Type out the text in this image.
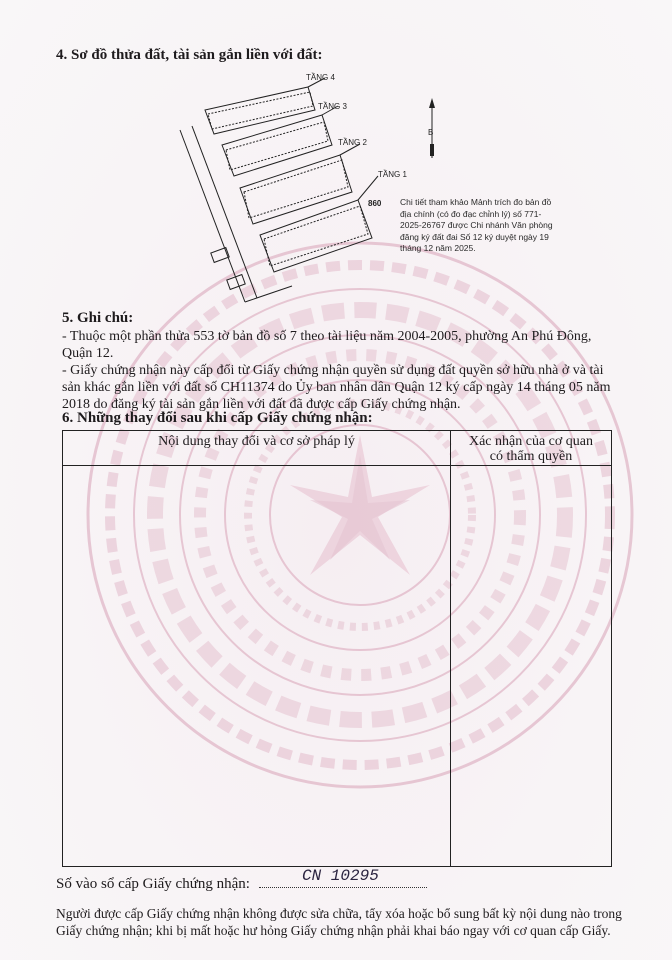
4. Sơ đồ thửa đất, tài sản gắn liền với đất:
TẦNG 4
TẦNG 3
TẦNG 2
TẦNG 1
860
B
Chi tiết tham khảo Mảnh trích đo bản đồ địa chính (có đo đạc chỉnh lý) số 771-2025-26767 được Chi nhánh Văn phòng đăng ký đất đai Số 12 ký duyệt ngày 19 tháng 12 năm 2025.
5. Ghi chú:
- Thuộc một phần thửa 553 tờ bản đồ số 7 theo tài liệu năm 2004-2005, phường An Phú Đông,
Quận 12.
- Giấy chứng nhận này cấp đổi từ Giấy chứng nhận quyền sử dụng đất quyền sở hữu nhà ở và tài
sản khác gắn liền với đất số CH11374 do Ủy ban nhân dân Quận 12 ký cấp ngày 14 tháng 05 năm
2018 do đăng ký tài sản gắn liền với đất đã được cấp Giấy chứng nhận.
6. Những thay đổi sau khi cấp Giấy chứng nhận:
Nội dung thay đổi và cơ sở pháp lý	Xác nhận của cơ quan
có thẩm quyền

Số vào sổ cấp Giấy chứng nhận:	CN 10295
Người được cấp Giấy chứng nhận không được sửa chữa, tẩy xóa hoặc bổ sung bất kỳ nội dung nào trong Giấy chứng nhận; khi bị mất hoặc hư hỏng Giấy chứng nhận phải khai báo ngay với cơ quan cấp Giấy.
